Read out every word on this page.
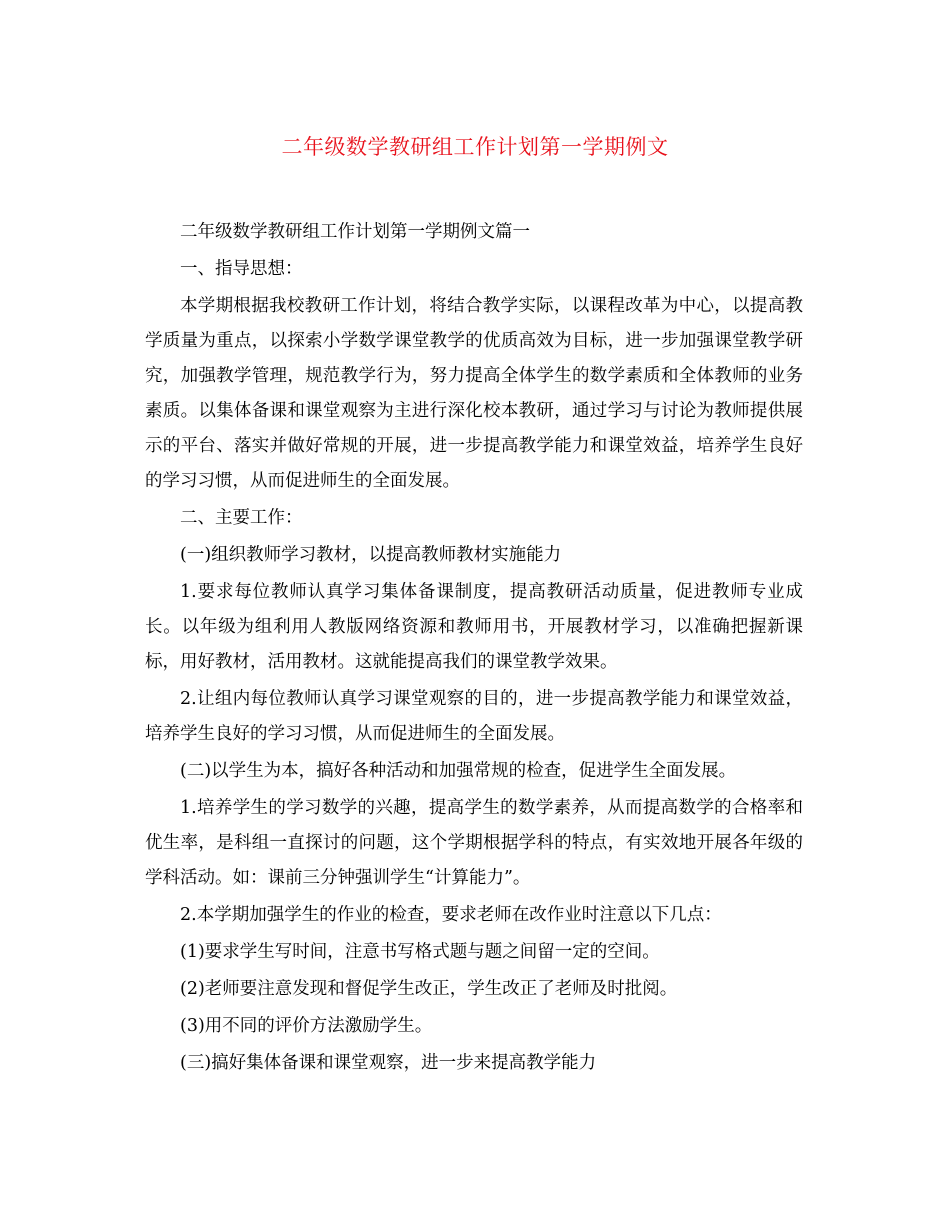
二年级数学教研组工作计划第一学期例文

二年级数学教研组工作计划第一学期例文篇一

一、指导思想：

本学期根据我校教研工作计划，将结合教学实际，以课程改革为中心，以提高教学质量为重点，以探索小学数学课堂教学的优质高效为目标，进一步加强课堂教学研究，加强教学管理，规范教学行为，努力提高全体学生的数学素质和全体教师的业务素质。以集体备课和课堂观察为主进行深化校本教研，通过学习与讨论为教师提供展示的平台、落实并做好常规的开展，进一步提高教学能力和课堂效益，培养学生良好的学习习惯，从而促进师生的全面发展。

二、主要工作：

(一)组织教师学习教材，以提高教师教材实施能力

1.要求每位教师认真学习集体备课制度，提高教研活动质量，促进教师专业成长。以年级为组利用人教版网络资源和教师用书，开展教材学习，以准确把握新课标，用好教材，活用教材。这就能提高我们的课堂教学效果。

2.让组内每位教师认真学习课堂观察的目的，进一步提高教学能力和课堂效益，培养学生良好的学习习惯，从而促进师生的全面发展。

(二)以学生为本，搞好各种活动和加强常规的检查，促进学生全面发展。

1.培养学生的学习数学的兴趣，提高学生的数学素养，从而提高数学的合格率和优生率，是科组一直探讨的问题，这个学期根据学科的特点，有实效地开展各年级的学科活动。如：课前三分钟强训学生“计算能力”。

2.本学期加强学生的作业的检查，要求老师在改作业时注意以下几点：

(1)要求学生写时间，注意书写格式题与题之间留一定的空间。

(2)老师要注意发现和督促学生改正，学生改正了老师及时批阅。

(3)用不同的评价方法激励学生。

(三)搞好集体备课和课堂观察，进一步来提高教学能力
